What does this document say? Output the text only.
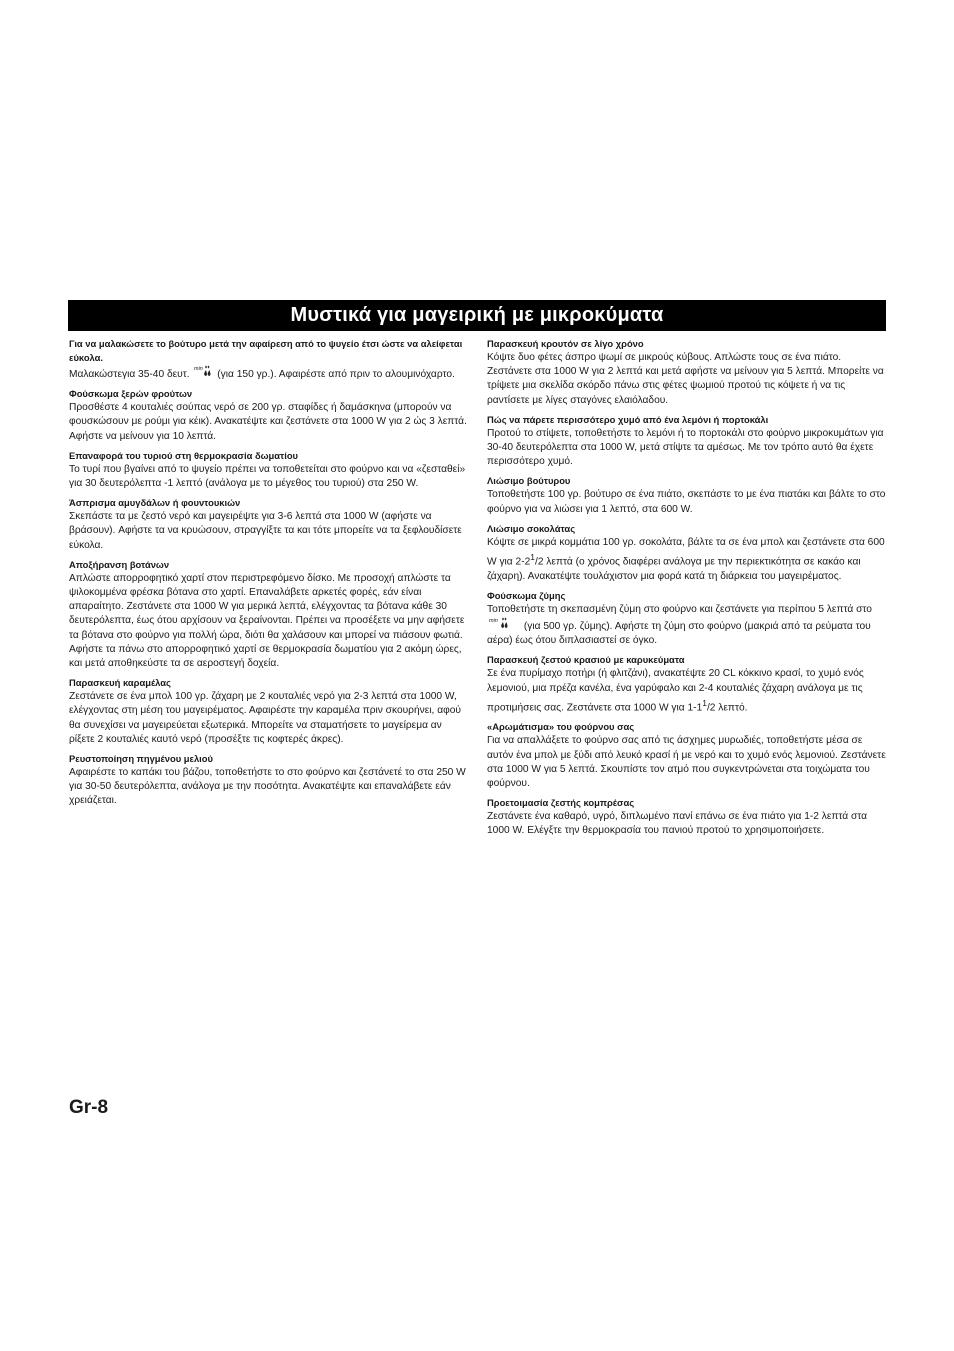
Μυστικά για μαγειρική με μικροκύματα
Για να μαλακώσετε το βούτυρο μετά την αφαίρεση από το ψυγείο έτσι ώστε να αλείφεται εύκολα.
Μαλακώστεγια 35-40 δευτ. min (για 150 γρ.). Αφαιρέστε από πριν το αλουμινόχαρτο.
Φούσκωμα ξερών φρούτων
Προσθέστε 4 κουταλιές σούπας νερό σε 200 γρ. σταφίδες ή δαμάσκηνα (μπορούν να φουσκώσουν με ρούμι για κέικ). Ανακατέψτε και ζεστάνετε στα 1000 W για 2 ώς 3 λεπτά. Αφήστε να μείνουν για 10 λεπτά.
Επαναφορά του τυριού στη θερμοκρασία δωματίου
Το τυρί που βγαίνει από το ψυγείο πρέπει να τοποθετείται στο φούρνο και να «ζεσταθεί» για 30 δευτερόλεπτα -1 λεπτό (ανάλογα με το μέγεθος του τυριού) στα 250 W.
Άσπρισμα αμυγδάλων ή φουντουκιών
Σκεπάστε τα με ζεστό νερό και μαγειρέψτε για 3-6 λεπτά στα 1000 W (αφήστε να βράσουν). Αφήστε τα να κρυώσουν, στραγγίξτε τα και τότε μπορείτε να τα ξεφλουδίσετε εύκολα.
Αποξήρανση βοτάνων
Απλώστε απορροφητικό χαρτί στον περιστρεφόμενο δίσκο. Με προσοχή απλώστε τα ψιλοκομμένα φρέσκα βότανα στο χαρτί. Επαναλάβετε αρκετές φορές, εάν είναι απαραίτητο. Ζεστάνετε στα 1000 W για μερικά λεπτά, ελέγχοντας τα βότανα κάθε 30 δευτερόλεπτα, έως ότου αρχίσουν να ξεραίνονται. Πρέπει να προσέξετε να μην αφήσετε τα βότανα στο φούρνο για πολλή ώρα, διότι θα χαλάσουν και μπορεί να πιάσουν φωτιά. Αφήστε τα πάνω στο απορροφητικό χαρτί σε θερμοκρασία δωματίου για 2 ακόμη ώρες, και μετά αποθηκεύστε τα σε αεροστεγή δοχεία.
Παρασκευή καραμέλας
Ζεστάνετε σε ένα μπολ 100 γρ. ζάχαρη με 2 κουταλιές νερό για 2-3 λεπτά στα 1000 W, ελέγχοντας στη μέση του μαγειρέματος. Αφαιρέστε την καραμέλα πριν σκουρήνει, αφού θα συνεχίσει να μαγειρεύεται εξωτερικά. Μπορείτε να σταματήσετε το μαγείρεμα αν ρίξετε 2 κουταλιές καυτό νερό (προσέξτε τις κοφτερές άκρες).
Ρευστοποίηση πηγμένου μελιού
Αφαιρέστε το καπάκι του βάζου, τοποθετήστε το στο φούρνο και ζεστάνετέ το στα 250 W για 30-50 δευτερόλεπτα, ανάλογα με την ποσότητα. Ανακατέψτε και επαναλάβετε εάν χρειάζεται.
Παρασκευή κρουτόν σε λίγο χρόνο
Κόψτε δυο φέτες άσπρο ψωμί σε μικρούς κύβους. Απλώστε τους σε ένα πιάτο. Ζεστάνετε στα 1000 W για 2 λεπτά και μετά αφήστε να μείνουν για 5 λεπτά. Μπορείτε να τρίψετε μια σκελίδα σκόρδο πάνω στις φέτες ψωμιού προτού τις κόψετε ή να τις ραντίσετε με λίγες σταγόνες ελαιόλαδου.
Πώς να πάρετε περισσότερο χυμό από ένα λεμόνι ή πορτοκάλι
Προτού το στίψετε, τοποθετήστε το λεμόνι ή το πορτοκάλι στο φούρνο μικροκυμάτων για 30-40 δευτερόλεπτα στα 1000 W, μετά στίψτε τα αμέσως. Με τον τρόπο αυτό θα έχετε περισσότερο χυμό.
Λιώσιμο βούτυρου
Τοποθετήστε 100 γρ. βούτυρο σε ένα πιάτο, σκεπάστε το με ένα πιατάκι και βάλτε το στο φούρνο για να λιώσει για 1 λεπτό, στα 600 W.
Λιώσιμο σοκολάτας
Κόψτε σε μικρά κομμάτια 100 γρ. σοκολάτα, βάλτε τα σε ένα μπολ και ζεστάνετε στα 600 W για $2-2^1/2$ λεπτά (ο χρόνος διαφέρει ανάλογα με την περιεκτικότητα σε κακάο και ζάχαρη). Ανακατέψτε τουλάχιστον μια φορά κατά τη διάρκεια του μαγειρέματος.
Φούσκωμα ζύμης
Τοποθετήστε τη σκεπασμένη ζύμη στο φούρνο και ζεστάνετε για περίπου 5 λεπτά στο
min	(για 500 γρ. ζύμης). Αφήστε τη ζύμη στο φούρνο (μακριά από τα ρεύματα του αέρα) έως ότου διπλασιαστεί σε όγκο.
Παρασκευή ζεστού κρασιού με καρυκεύματα
Σε ένα πυρίμαχο ποτήρι (ή φλιτζάνι), ανακατέψτε 20 CL κόκκινο κρασί, το χυμό ενός λεμονιού, μια πρέζα κανέλα, ένα γαρύφαλο και 2-4 κουταλιές ζάχαρη ανάλογα με τις προτιμήσεις σας. Ζεστάνετε στα 1000 W για $1-1^1/2$ λεπτό.
«Αρωμάτισμα» του φούρνου σας
Για να απαλλάξετε το φούρνο σας από τις άσχημες μυρωδιές, τοποθετήστε μέσα σε αυτόν ένα μπολ με ξύδι από λευκό κρασί ή με νερό και το χυμό ενός λεμονιού. Ζεστάνετε στα 1000 W για 5 λεπτά. Σκουπίστε τον ατμό που συγκεντρώνεται στα τοιχώματα του φούρνου.
Προετοιμασία ζεστής κομπρέσας
Ζεστάνετε ένα καθαρό, υγρό, διπλωμένο πανί επάνω σε ένα πιάτο για 1-2 λεπτά στα 1000 W. Ελέγξτε την θερμοκρασία του πανιού προτού το χρησιμοποιήσετε.
Gr-8
